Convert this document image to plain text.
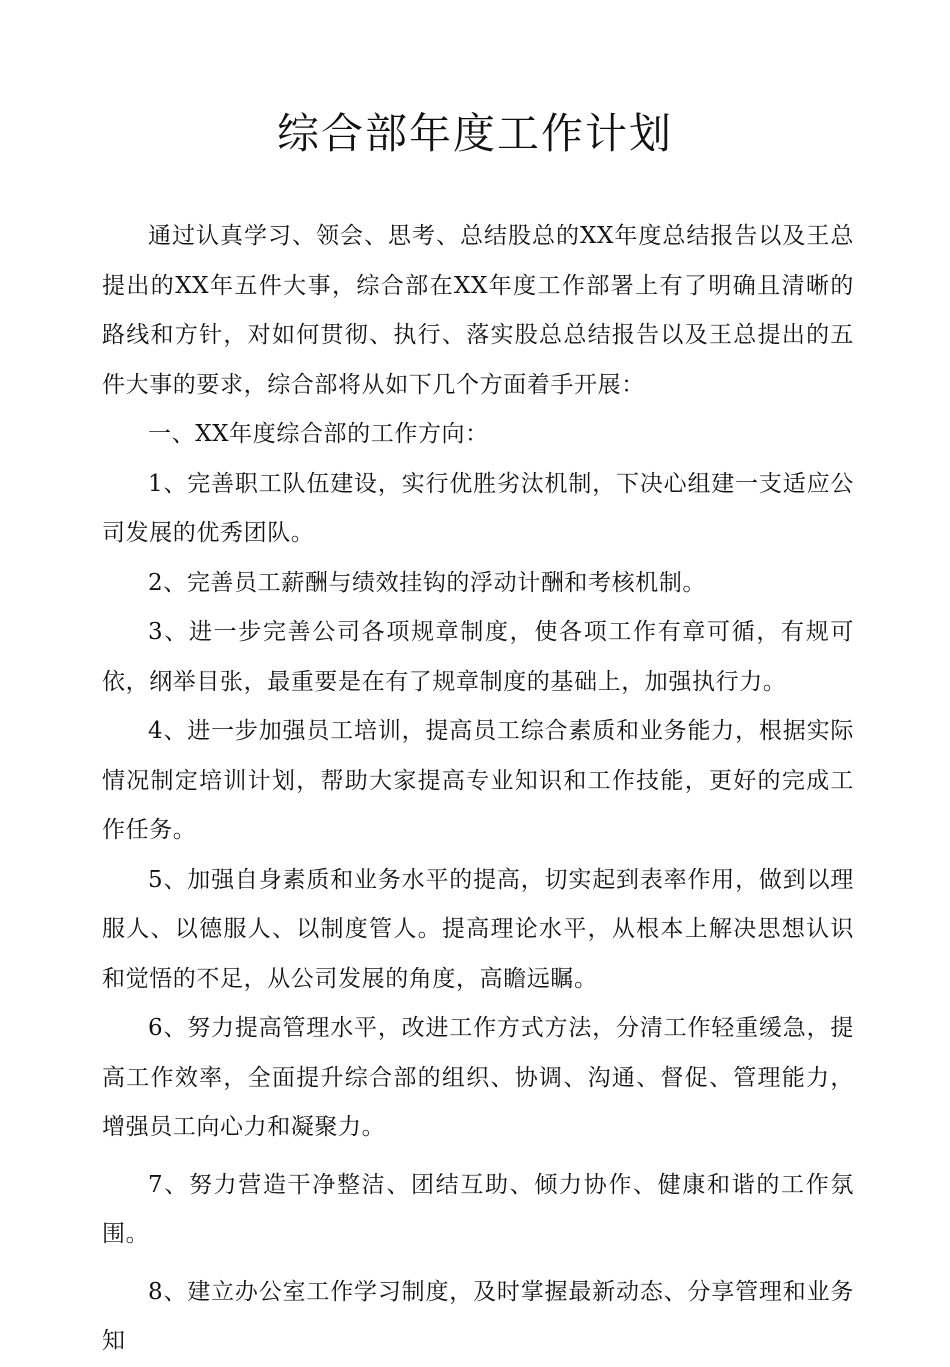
综合部年度工作计划

通过认真学习、领会、思考、总结股总的XX年度总结报告以及王总提出的XX年五件大事，综合部在XX年度工作部署上有了明确且清晰的路线和方针，对如何贯彻、执行、落实股总总结报告以及王总提出的五件大事的要求，综合部将从如下几个方面着手开展：

一、XX年度综合部的工作方向：

1、完善职工队伍建设，实行优胜劣汰机制，下决心组建一支适应公司发展的优秀团队。

2、完善员工薪酬与绩效挂钩的浮动计酬和考核机制。

3、进一步完善公司各项规章制度，使各项工作有章可循，有规可依，纲举目张，最重要是在有了规章制度的基础上，加强执行力。

4、进一步加强员工培训，提高员工综合素质和业务能力，根据实际情况制定培训计划，帮助大家提高专业知识和工作技能，更好的完成工作任务。

5、加强自身素质和业务水平的提高，切实起到表率作用，做到以理服人、以德服人、以制度管人。提高理论水平，从根本上解决思想认识和觉悟的不足，从公司发展的角度，高瞻远瞩。

6、努力提高管理水平，改进工作方式方法，分清工作轻重缓急，提高工作效率，全面提升综合部的组织、协调、沟通、督促、管理能力，增强员工向心力和凝聚力。

7、努力营造干净整洁、团结互助、倾力协作、健康和谐的工作氛围。

8、建立办公室工作学习制度，及时掌握最新动态、分享管理和业务知
